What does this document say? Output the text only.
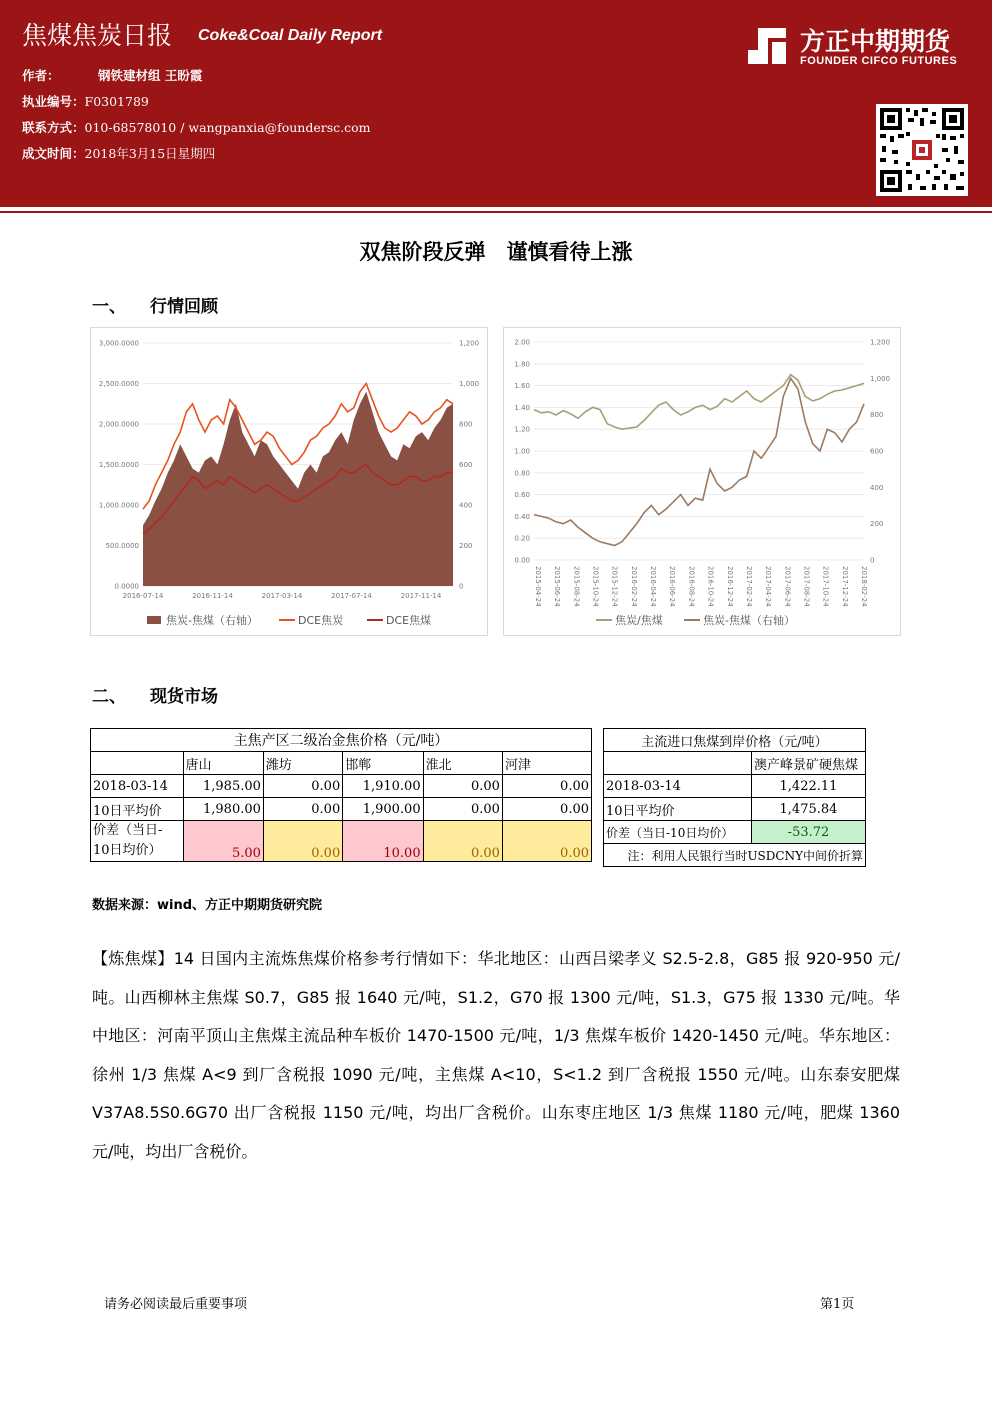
焦煤焦炭日报 Coke&Coal Daily Report
作者：	钢铁建材组 王盼霞
执业编号：F0301789
联系方式：010-68578010 / wangpanxia@foundersc.com
成文时间：2018年3月15日星期四
方正中期期货
FOUNDER CIFCO FUTURES
双焦阶段反弹　谨慎看待上涨
一、 行情回顾
3,000.0000
2,500.0000
2,000.0000
1,500.0000
1,000.0000
500.0000
0.0000
1,200
1,000
800
600
400
200
0
2016-07-14	2016-11-14	2017-03-14	2017-07-14	2017-11-14
焦炭-焦煤（右轴）	DCE焦炭	DCE焦煤
2.00
1.80
1.60
1.40
1.20
1.00
0.80
0.60
0.40
0.20
0.00
1,200
1,000
800
600
400
200
0
2015-04-24 2015-06-24 2015-08-24 2015-10-24 2015-12-24 2016-02-24 2016-04-24 2016-06-24 2016-08-24 2016-10-24 2016-12-24 2017-02-24 2017-04-24 2017-06-24 2017-08-24 2017-10-24 2017-12-24 2018-02-24
焦炭/焦煤	焦炭-焦煤（右轴）
二、 现货市场
主焦产区二级冶金焦价格（元/吨）					
	唐山	潍坊	邯郸	淮北	河津
2018-03-14	1,985.00	0.00	1,910.00	0.00	0.00
10日平均价	1,980.00	0.00	1,900.00	0.00	0.00

价差（当日-
10日均价）	5.00	0.00	10.00	0.00	0.00
主流进口焦煤到岸价格（元/吨）	
	澳产峰景矿硬焦煤
2018-03-14	1,422.11
10日平均价	1,475.84
价差（当日-10日均价）	-53.72
注：利用人民银行当时USDCNY中间价折算	
数据来源：wind、方正中期期货研究院
【炼焦煤】14 日国内主流炼焦煤价格参考行情如下：华北地区：山西吕梁孝义 S2.5-2.8，G85 报 920-950 元/吨。山西柳林主焦煤 S0.7，G85 报 1640 元/吨，S1.2，G70 报 1300 元/吨，S1.3，G75 报 1330 元/吨。华中地区：河南平顶山主焦煤主流品种车板价 1470-1500 元/吨，1/3 焦煤车板价 1420-1450 元/吨。华东地区：徐州 1/3 焦煤 A<9 到厂含税报 1090 元/吨，主焦煤 A<10，S<1.2 到厂含税报 1550 元/吨。山东泰安肥煤 V37A8.5S0.6G70 出厂含税报 1150 元/吨，均出厂含税价。山东枣庄地区 1/3 焦煤 1180 元/吨，肥煤 1360 元/吨，均出厂含税价。
请务必阅读最后重要事项	第1页
